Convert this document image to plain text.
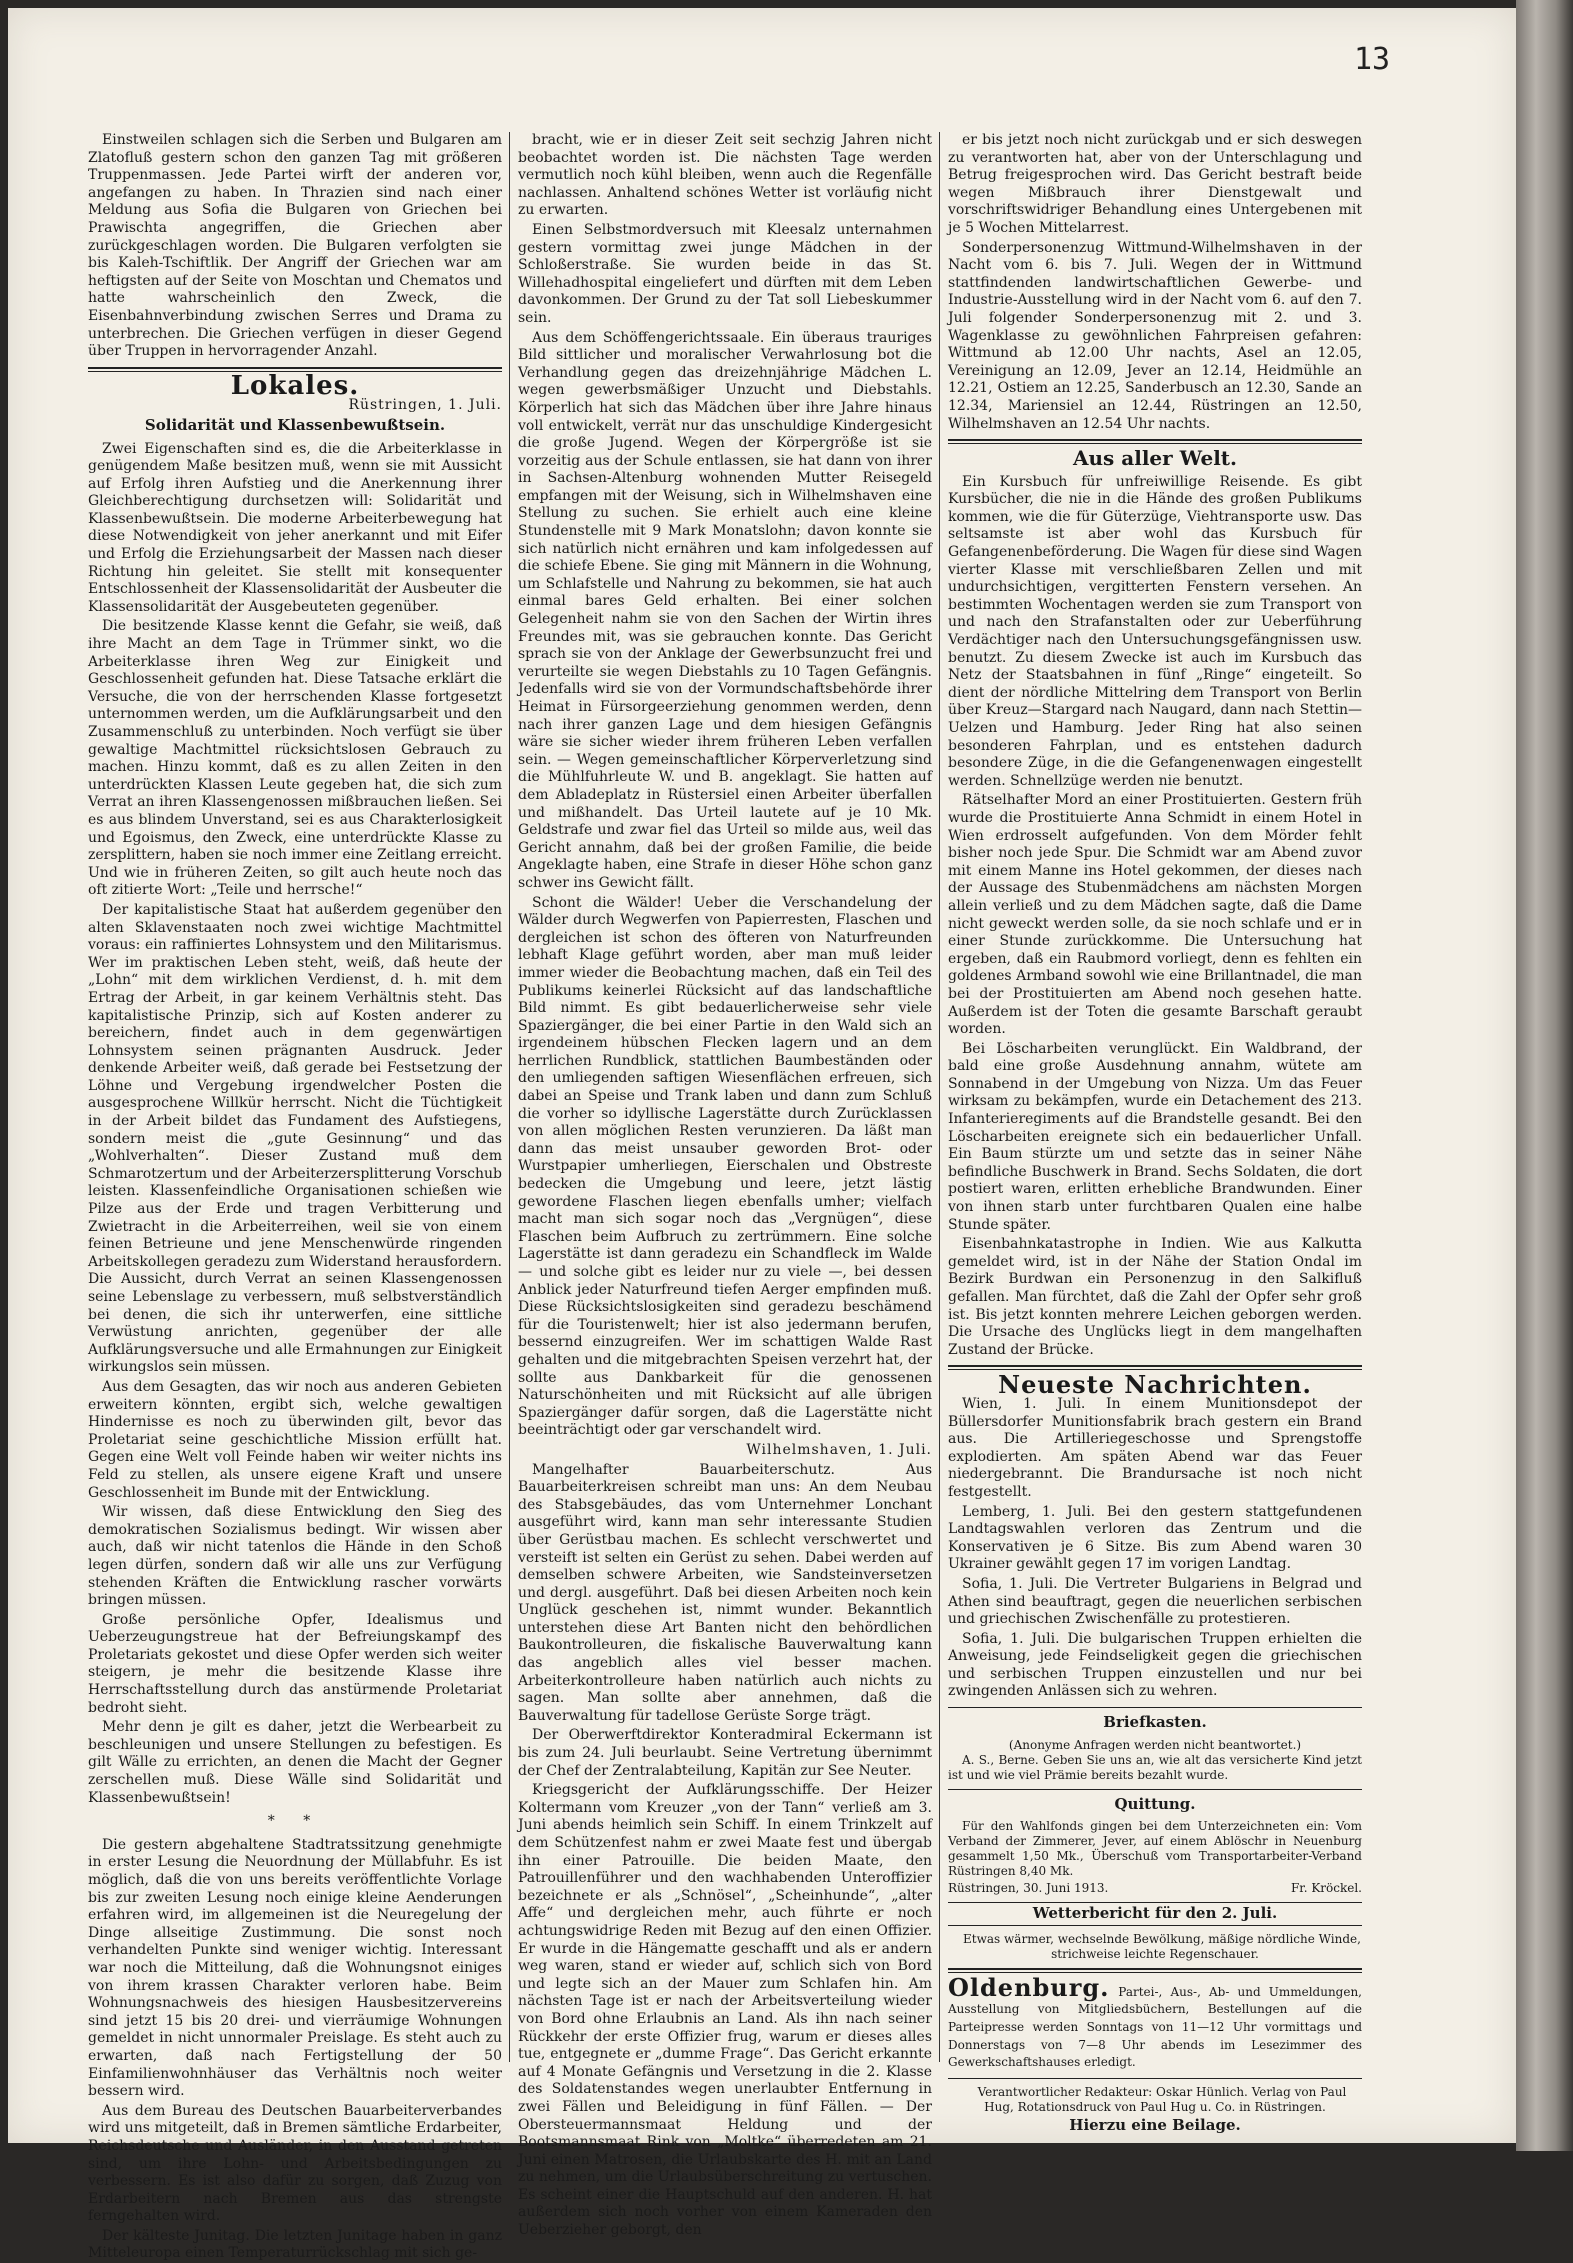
13

Einstweilen schlagen sich die Serben und Bulgaren am Zlatofluß gestern schon den ganzen Tag mit größeren Truppenmassen. Jede Partei wirft der anderen vor, angefangen zu haben. In Thrazien sind nach einer Meldung aus Sofia die Bulgaren von Griechen bei Prawischta angegriffen, die Griechen aber zurückgeschlagen worden. Die Bulgaren verfolgten sie bis Kaleh-Tschiftlik. Der Angriff der Griechen war am heftigsten auf der Seite von Moschtan und Chematos und hatte wahrscheinlich den Zweck, die Eisenbahnverbindung zwischen Serres und Drama zu unterbrechen. Die Griechen verfügen in dieser Gegend über Truppen in hervorragender Anzahl.

Lokales.
Rüstringen, 1. Juli.
Solidarität und Klassenbewußtsein.

Zwei Eigenschaften sind es, die die Arbeiterklasse in genügendem Maße besitzen muß, wenn sie mit Aussicht auf Erfolg ihren Aufstieg und die Anerkennung ihrer Gleichberechtigung durchsetzen will: Solidarität und Klassenbewußtsein. Die moderne Arbeiterbewegung hat diese Notwendigkeit von jeher anerkannt und mit Eifer und Erfolg die Erziehungsarbeit der Massen nach dieser Richtung hin geleitet. Sie stellt mit konsequenter Entschlossenheit der Klassensolidarität der Ausbeuter die Klassensolidarität der Ausgebeuteten gegenüber.

Die besitzende Klasse kennt die Gefahr, sie weiß, daß ihre Macht an dem Tage in Trümmer sinkt, wo die Arbeiterklasse ihren Weg zur Einigkeit und Geschlossenheit gefunden hat. Diese Tatsache erklärt die Versuche, die von der herrschenden Klasse fortgesetzt unternommen werden, um die Aufklärungsarbeit und den Zusammenschluß zu unterbinden. Noch verfügt sie über gewaltige Machtmittel rücksichtslosen Gebrauch zu machen. Hinzu kommt, daß es zu allen Zeiten in den unterdrückten Klassen Leute gegeben hat, die sich zum Verrat an ihren Klassengenossen mißbrauchen ließen. Sei es aus blindem Unverstand, sei es aus Charakterlosigkeit und Egoismus, den Zweck, eine unterdrückte Klasse zu zersplittern, haben sie noch immer eine Zeitlang erreicht. Und wie in früheren Zeiten, so gilt auch heute noch das oft zitierte Wort: „Teile und herrsche!“

Der kapitalistische Staat hat außerdem gegenüber den alten Sklavenstaaten noch zwei wichtige Machtmittel voraus: ein raffiniertes Lohnsystem und den Militarismus. Wer im praktischen Leben steht, weiß, daß heute der „Lohn“ mit dem wirklichen Verdienst, d. h. mit dem Ertrag der Arbeit, in gar keinem Verhältnis steht. Das kapitalistische Prinzip, sich auf Kosten anderer zu bereichern, findet auch in dem gegenwärtigen Lohnsystem seinen prägnanten Ausdruck. Jeder denkende Arbeiter weiß, daß gerade bei Festsetzung der Löhne und Vergebung irgendwelcher Posten die ausgesprochene Willkür herrscht. Nicht die Tüchtigkeit in der Arbeit bildet das Fundament des Aufstiegens, sondern meist die „gute Gesinnung“ und das „Wohlverhalten“. Dieser Zustand muß dem Schmarotzertum und der Arbeiterzersplitterung Vorschub leisten. Klassenfeindliche Organisationen schießen wie Pilze aus der Erde und tragen Verbitterung und Zwietracht in die Arbeiterreihen, weil sie von einem feinen Betrieune und jene Menschenwürde ringenden Arbeitskollegen geradezu zum Widerstand herausfordern. Die Aussicht, durch Verrat an seinen Klassengenossen seine Lebenslage zu verbessern, muß selbstverständlich bei denen, die sich ihr unterwerfen, eine sittliche Verwüstung anrichten, gegenüber der alle Aufklärungsversuche und alle Ermahnungen zur Einigkeit wirkungslos sein müssen.

Aus dem Gesagten, das wir noch aus anderen Gebieten erweitern könnten, ergibt sich, welche gewaltigen Hindernisse es noch zu überwinden gilt, bevor das Proletariat seine geschichtliche Mission erfüllt hat. Gegen eine Welt voll Feinde haben wir weiter nichts ins Feld zu stellen, als unsere eigene Kraft und unsere Geschlossenheit im Bunde mit der Entwicklung.

Wir wissen, daß diese Entwicklung den Sieg des demokratischen Sozialismus bedingt. Wir wissen aber auch, daß wir nicht tatenlos die Hände in den Schoß legen dürfen, sondern daß wir alle uns zur Verfügung stehenden Kräften die Entwicklung rascher vorwärts bringen müssen.

Große persönliche Opfer, Idealismus und Ueberzeugungstreue hat der Befreiungskampf des Proletariats gekostet und diese Opfer werden sich weiter steigern, je mehr die besitzende Klasse ihre Herrschaftsstellung durch das anstürmende Proletariat bedroht sieht.

Mehr denn je gilt es daher, jetzt die Werbearbeit zu beschleunigen und unsere Stellungen zu befestigen. Es gilt Wälle zu errichten, an denen die Macht der Gegner zerschellen muß. Diese Wälle sind Solidarität und Klassenbewußtsein!

* *

Die gestern abgehaltene Stadtratssitzung genehmigte in erster Lesung die Neuordnung der Müllabfuhr. Es ist möglich, daß die von uns bereits veröffentlichte Vorlage bis zur zweiten Lesung noch einige kleine Aenderungen erfahren wird, im allgemeinen ist die Neuregelung der Dinge allseitige Zustimmung. Die sonst noch verhandelten Punkte sind weniger wichtig. Interessant war noch die Mitteilung, daß die Wohnungsnot einiges von ihrem krassen Charakter verloren habe. Beim Wohnungsnachweis des hiesigen Hausbesitzervereins sind jetzt 15 bis 20 drei- und vierräumige Wohnungen gemeldet in nicht unnormaler Preislage. Es steht auch zu erwarten, daß nach Fertigstellung der 50 Einfamilienwohnhäuser das Verhältnis noch weiter bessern wird.

Aus dem Bureau des Deutschen Bauarbeiterverbandes wird uns mitgeteilt, daß in Bremen sämtliche Erdarbeiter, Reichsdeutsche und Ausländer, in den Ausstand getreten sind, um ihre Lohn- und Arbeitsbedingungen zu verbessern. Es ist also dafür zu sorgen, daß Zuzug von Erdarbeitern nach Bremen aus das strengste ferngehalten wird.

Der kälteste Junitag. Die letzten Junitage haben in ganz Mitteleuropa einen Temperaturrückschlag mit sich ge-

bracht, wie er in dieser Zeit seit sechzig Jahren nicht beobachtet worden ist. Die nächsten Tage werden vermutlich noch kühl bleiben, wenn auch die Regenfälle nachlassen. Anhaltend schönes Wetter ist vorläufig nicht zu erwarten.

Einen Selbstmordversuch mit Kleesalz unternahmen gestern vormittag zwei junge Mädchen in der Schloßerstraße. Sie wurden beide in das St. Willehadhospital eingeliefert und dürften mit dem Leben davonkommen. Der Grund zu der Tat soll Liebeskummer sein.

Aus dem Schöffengerichtssaale. Ein überaus trauriges Bild sittlicher und moralischer Verwahrlosung bot die Verhandlung gegen das dreizehnjährige Mädchen L. wegen gewerbsmäßiger Unzucht und Diebstahls. Körperlich hat sich das Mädchen über ihre Jahre hinaus voll entwickelt, verrät nur das unschuldige Kindergesicht die große Jugend. Wegen der Körpergröße ist sie vorzeitig aus der Schule entlassen, sie hat dann von ihrer in Sachsen-Altenburg wohnenden Mutter Reisegeld empfangen mit der Weisung, sich in Wilhelmshaven eine Stellung zu suchen. Sie erhielt auch eine kleine Stundenstelle mit 9 Mark Monatslohn; davon konnte sie sich natürlich nicht ernähren und kam infolgedessen auf die schiefe Ebene. Sie ging mit Männern in die Wohnung, um Schlafstelle und Nahrung zu bekommen, sie hat auch einmal bares Geld erhalten. Bei einer solchen Gelegenheit nahm sie von den Sachen der Wirtin ihres Freundes mit, was sie gebrauchen konnte. Das Gericht sprach sie von der Anklage der Gewerbsunzucht frei und verurteilte sie wegen Diebstahls zu 10 Tagen Gefängnis. Jedenfalls wird sie von der Vormundschaftsbehörde ihrer Heimat in Fürsorgeerziehung genommen werden, denn nach ihrer ganzen Lage und dem hiesigen Gefängnis wäre sie sicher wieder ihrem früheren Leben verfallen sein. — Wegen gemeinschaftlicher Körperverletzung sind die Mühlfuhrleute W. und B. angeklagt. Sie hatten auf dem Abladeplatz in Rüstersiel einen Arbeiter überfallen und mißhandelt. Das Urteil lautete auf je 10 Mk. Geldstrafe und zwar fiel das Urteil so milde aus, weil das Gericht annahm, daß bei der großen Familie, die beide Angeklagte haben, eine Strafe in dieser Höhe schon ganz schwer ins Gewicht fällt.

Schont die Wälder! Ueber die Verschandelung der Wälder durch Wegwerfen von Papierresten, Flaschen und dergleichen ist schon des öfteren von Naturfreunden lebhaft Klage geführt worden, aber man muß leider immer wieder die Beobachtung machen, daß ein Teil des Publikums keinerlei Rücksicht auf das landschaftliche Bild nimmt. Es gibt bedauerlicherweise sehr viele Spaziergänger, die bei einer Partie in den Wald sich an irgendeinem hübschen Flecken lagern und an dem herrlichen Rundblick, stattlichen Baumbeständen oder den umliegenden saftigen Wiesenflächen erfreuen, sich dabei an Speise und Trank laben und dann zum Schluß die vorher so idyllische Lagerstätte durch Zurücklassen von allen möglichen Resten verunzieren. Da läßt man dann das meist unsauber geworden Brot- oder Wurstpapier umherliegen, Eierschalen und Obstreste bedecken die Umgebung und leere, jetzt lästig gewordene Flaschen liegen ebenfalls umher; vielfach macht man sich sogar noch das „Vergnügen“, diese Flaschen beim Aufbruch zu zertrümmern. Eine solche Lagerstätte ist dann geradezu ein Schandfleck im Walde — und solche gibt es leider nur zu viele —, bei dessen Anblick jeder Naturfreund tiefen Aerger empfinden muß. Diese Rücksichtslosigkeiten sind geradezu beschämend für die Touristenwelt; hier ist also jedermann berufen, bessernd einzugreifen. Wer im schattigen Walde Rast gehalten und die mitgebrachten Speisen verzehrt hat, der sollte aus Dankbarkeit für die genossenen Naturschönheiten und mit Rücksicht auf alle übrigen Spaziergänger dafür sorgen, daß die Lagerstätte nicht beeinträchtigt oder gar verschandelt wird.

Wilhelmshaven, 1. Juli.

Mangelhafter Bauarbeiterschutz. Aus Bauarbeiterkreisen schreibt man uns: An dem Neubau des Stabsgebäudes, das vom Unternehmer Lonchant ausgeführt wird, kann man sehr interessante Studien über Gerüstbau machen. Es schlecht verschwertet und versteift ist selten ein Gerüst zu sehen. Dabei werden auf demselben schwere Arbeiten, wie Sandsteinversetzen und dergl. ausgeführt. Daß bei diesen Arbeiten noch kein Unglück geschehen ist, nimmt wunder. Bekanntlich unterstehen diese Art Banten nicht den behördlichen Baukontrolleuren, die fiskalische Bauverwaltung kann das angeblich alles viel besser machen. Arbeiterkontrolleure haben natürlich auch nichts zu sagen. Man sollte aber annehmen, daß die Bauverwaltung für tadellose Gerüste Sorge trägt.

Der Oberwerftdirektor Konteradmiral Eckermann ist bis zum 24. Juli beurlaubt. Seine Vertretung übernimmt der Chef der Zentralabteilung, Kapitän zur See Neuter.

Kriegsgericht der Aufklärungsschiffe. Der Heizer Koltermann vom Kreuzer „von der Tann“ verließ am 3. Juni abends heimlich sein Schiff. In einem Trinkzelt auf dem Schützenfest nahm er zwei Maate fest und übergab ihn einer Patrouille. Die beiden Maate, den Patrouillenführer und den wachhabenden Unteroffizier bezeichnete er als „Schnösel“, „Scheinhunde“, „alter Affe“ und dergleichen mehr, auch führte er noch achtungswidrige Reden mit Bezug auf den einen Offizier. Er wurde in die Hängematte geschafft und als er andern weg waren, stand er wieder auf, schlich sich von Bord und legte sich an der Mauer zum Schlafen hin. Am nächsten Tage ist er nach der Arbeitsverteilung wieder von Bord ohne Erlaubnis an Land. Als ihn nach seiner Rückkehr der erste Offizier frug, warum er dieses alles tue, entgegnete er „dumme Frage“. Das Gericht erkannte auf 4 Monate Gefängnis und Versetzung in die 2. Klasse des Soldatenstandes wegen unerlaubter Entfernung in zwei Fällen und Beleidigung in fünf Fällen. — Der Obersteuermannsmaat Heldung und der Bootsmannsmaat Rink von „Moltke“ überredeten am 21. Juni einen Matrosen, die Urlaubskarte des H. mit an Land zu nehmen, um die Urlaubsüberschreitung zu vertuschen. Es scheint einer die Hauptschuld auf den anderen. H. hat außerdem sich noch vorher von einem Kameraden den Ueberzieher geborgt, den

er bis jetzt noch nicht zurückgab und er sich deswegen zu verantworten hat, aber von der Unterschlagung und Betrug freigesprochen wird. Das Gericht bestraft beide wegen Mißbrauch ihrer Dienstgewalt und vorschriftswidriger Behandlung eines Untergebenen mit je 5 Wochen Mittelarrest.

Sonderpersonenzug Wittmund-Wilhelmshaven in der Nacht vom 6. bis 7. Juli. Wegen der in Wittmund stattfindenden landwirtschaftlichen Gewerbe- und Industrie-Ausstellung wird in der Nacht vom 6. auf den 7. Juli folgender Sonderpersonenzug mit 2. und 3. Wagenklasse zu gewöhnlichen Fahrpreisen gefahren: Wittmund ab 12.00 Uhr nachts, Asel an 12.05, Vereinigung an 12.09, Jever an 12.14, Heidmühle an 12.21, Ostiem an 12.25, Sanderbusch an 12.30, Sande an 12.34, Mariensiel an 12.44, Rüstringen an 12.50, Wilhelmshaven an 12.54 Uhr nachts.

Aus aller Welt.

Ein Kursbuch für unfreiwillige Reisende. Es gibt Kursbücher, die nie in die Hände des großen Publikums kommen, wie die für Güterzüge, Viehtransporte usw. Das seltsamste ist aber wohl das Kursbuch für Gefangenenbeförderung. Die Wagen für diese sind Wagen vierter Klasse mit verschließbaren Zellen und mit undurchsichtigen, vergitterten Fenstern versehen. An bestimmten Wochentagen werden sie zum Transport von und nach den Strafanstalten oder zur Ueberführung Verdächtiger nach den Untersuchungsgefängnissen usw. benutzt. Zu diesem Zwecke ist auch im Kursbuch das Netz der Staatsbahnen in fünf „Ringe“ eingeteilt. So dient der nördliche Mittelring dem Transport von Berlin über Kreuz—Stargard nach Naugard, dann nach Stettin—Uelzen und Hamburg. Jeder Ring hat also seinen besonderen Fahrplan, und es entstehen dadurch besondere Züge, in die die Gefangenenwagen eingestellt werden. Schnellzüge werden nie benutzt.

Rätselhafter Mord an einer Prostituierten. Gestern früh wurde die Prostituierte Anna Schmidt in einem Hotel in Wien erdrosselt aufgefunden. Von dem Mörder fehlt bisher noch jede Spur. Die Schmidt war am Abend zuvor mit einem Manne ins Hotel gekommen, der dieses nach der Aussage des Stubenmädchens am nächsten Morgen allein verließ und zu dem Mädchen sagte, daß die Dame nicht geweckt werden solle, da sie noch schlafe und er in einer Stunde zurückkomme. Die Untersuchung hat ergeben, daß ein Raubmord vorliegt, denn es fehlten ein goldenes Armband sowohl wie eine Brillantnadel, die man bei der Prostituierten am Abend noch gesehen hatte. Außerdem ist der Toten die gesamte Barschaft geraubt worden.

Bei Löscharbeiten verunglückt. Ein Waldbrand, der bald eine große Ausdehnung annahm, wütete am Sonnabend in der Umgebung von Nizza. Um das Feuer wirksam zu bekämpfen, wurde ein Detachement des 213. Infanterieregiments auf die Brandstelle gesandt. Bei den Löscharbeiten ereignete sich ein bedauerlicher Unfall. Ein Baum stürzte um und setzte das in seiner Nähe befindliche Buschwerk in Brand. Sechs Soldaten, die dort postiert waren, erlitten erhebliche Brandwunden. Einer von ihnen starb unter furchtbaren Qualen eine halbe Stunde später.

Eisenbahnkatastrophe in Indien. Wie aus Kalkutta gemeldet wird, ist in der Nähe der Station Ondal im Bezirk Burdwan ein Personenzug in den Salkifluß gefallen. Man fürchtet, daß die Zahl der Opfer sehr groß ist. Bis jetzt konnten mehrere Leichen geborgen werden. Die Ursache des Unglücks liegt in dem mangelhaften Zustand der Brücke.

Neueste Nachrichten.

Wien, 1. Juli. In einem Munitionsdepot der Büllersdorfer Munitionsfabrik brach gestern ein Brand aus. Die Artilleriegeschosse und Sprengstoffe explodierten. Am späten Abend war das Feuer niedergebrannt. Die Brandursache ist noch nicht festgestellt.

Lemberg, 1. Juli. Bei den gestern stattgefundenen Landtagswahlen verloren das Zentrum und die Konservativen je 6 Sitze. Bis zum Abend waren 30 Ukrainer gewählt gegen 17 im vorigen Landtag.

Sofia, 1. Juli. Die Vertreter Bulgariens in Belgrad und Athen sind beauftragt, gegen die neuerlichen serbischen und griechischen Zwischenfälle zu protestieren.

Sofia, 1. Juli. Die bulgarischen Truppen erhielten die Anweisung, jede Feindseligkeit gegen die griechischen und serbischen Truppen einzustellen und nur bei zwingenden Anlässen sich zu wehren.

Briefkasten.
(Anonyme Anfragen werden nicht beantwortet.)

A. S., Berne. Geben Sie uns an, wie alt das versicherte Kind jetzt ist und wie viel Prämie bereits bezahlt wurde.

Quittung.

Für den Wahlfonds gingen bei dem Unterzeichneten ein: Vom Verband der Zimmerer, Jever, auf einem Ablöschr in Neuenburg gesammelt 1,50 Mk., Überschuß vom Transportarbeiter-Verband Rüstringen 8,40 Mk.

Rüstringen, 30. Juni 1913.	Fr. Kröckel.
Wetterbericht für den 2. Juli.

Etwas wärmer, wechselnde Bewölkung, mäßige nördliche Winde, strichweise leichte Regenschauer.

Oldenburg. Partei-, Aus-, Ab- und Ummeldungen, Ausstellung von Mitgliedsbüchern, Bestellungen auf die Parteipresse werden Sonntags von 11—12 Uhr vormittags und Donnerstags von 7—8 Uhr abends im Lesezimmer des Gewerkschaftshauses erledigt.

Verantwortlicher Redakteur: Oskar Hünlich. Verlag von Paul Hug, Rotationsdruck von Paul Hug u. Co. in Rüstringen.

Hierzu eine Beilage.
